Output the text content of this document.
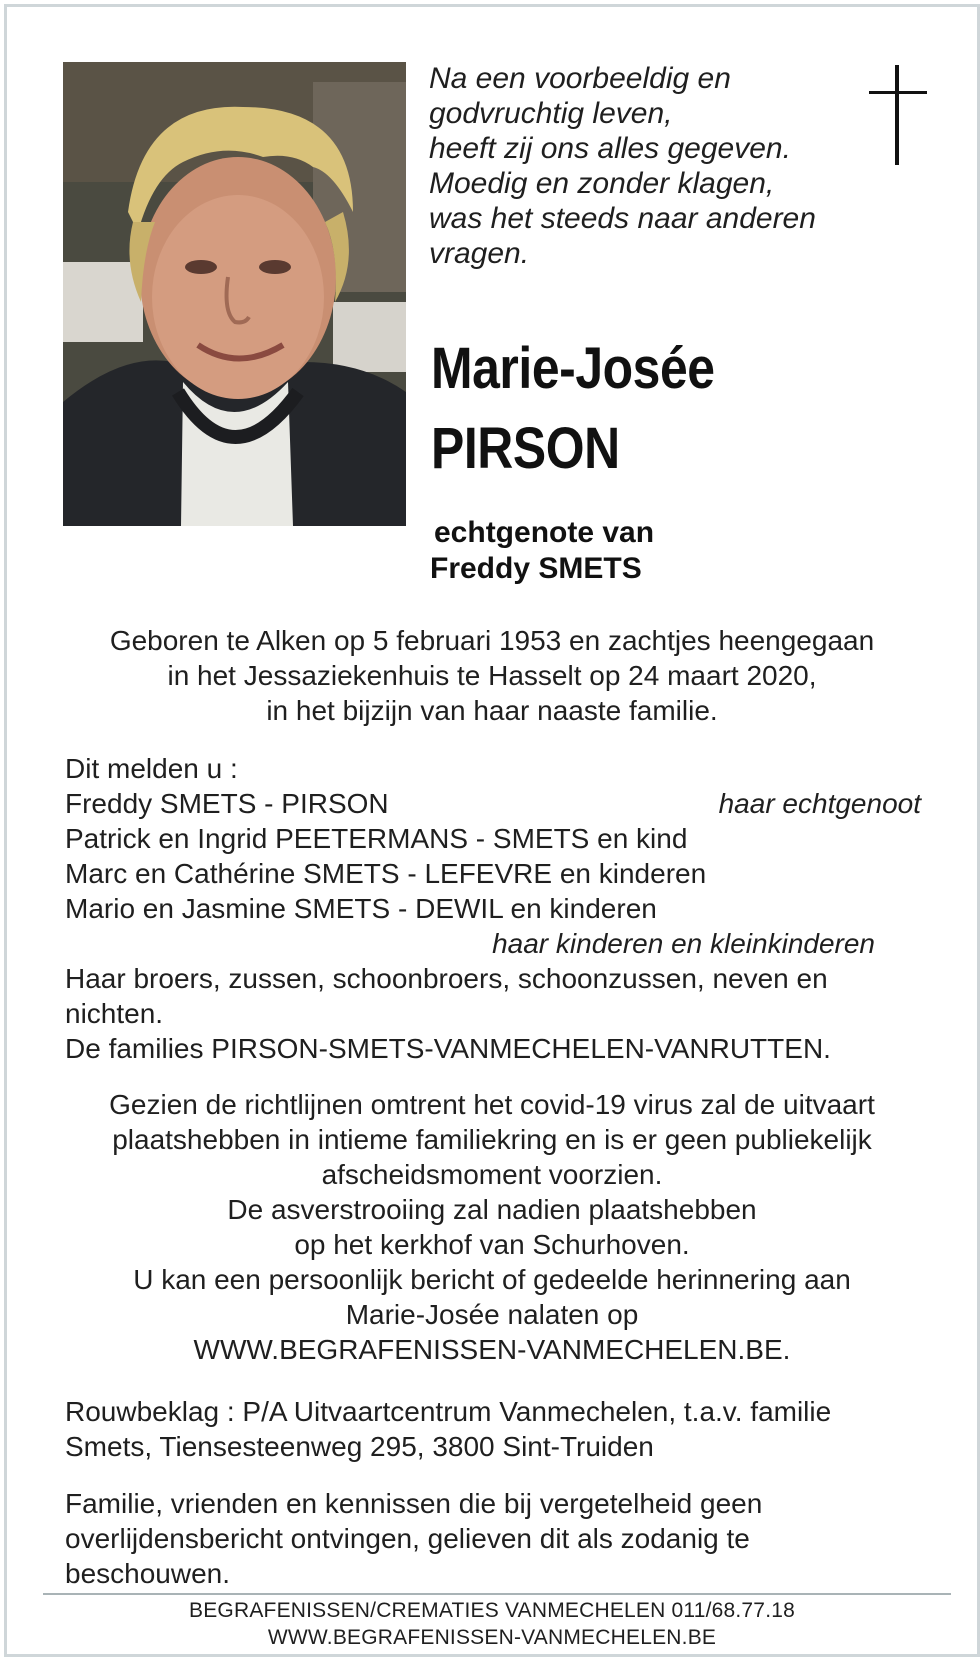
Na een voorbeeldig en
godvruchtig leven,
heeft zij ons alles gegeven.
Moedig en zonder klagen,
was het steeds naar anderen
vragen.
Marie-Josée
PIRSON
echtgenote van
Freddy SMETS
Geboren te Alken op 5 februari 1953 en zachtjes heengegaan
in het Jessaziekenhuis te Hasselt op 24 maart 2020,
in het bijzijn van haar naaste familie.
Dit melden u :
Freddy SMETS - PIRSON	haar echtgenoot
Patrick en Ingrid PEETERMANS - SMETS en kind
Marc en Cathérine SMETS - LEFEVRE en kinderen
Mario en Jasmine SMETS - DEWIL en kinderen
haar kinderen en kleinkinderen
Haar broers, zussen, schoonbroers, schoonzussen, neven en
nichten.
De families PIRSON-SMETS-VANMECHELEN-VANRUTTEN.
Gezien de richtlijnen omtrent het covid-19 virus zal de uitvaart
plaatshebben in intieme familiekring en is er geen publiekelijk
afscheidsmoment voorzien.
De asverstrooiing zal nadien plaatshebben
op het kerkhof van Schurhoven.
U kan een persoonlijk bericht of gedeelde herinnering aan
Marie-Josée nalaten op
WWW.BEGRAFENISSEN-VANMECHELEN.BE.
Rouwbeklag : P/A Uitvaartcentrum Vanmechelen, t.a.v. familie
Smets, Tiensesteenweg 295, 3800 Sint-Truiden
Familie, vrienden en kennissen die bij vergetelheid geen
overlijdensbericht ontvingen, gelieven dit als zodanig te
beschouwen.
BEGRAFENISSEN/CREMATIES VANMECHELEN 011/68.77.18
WWW.BEGRAFENISSEN-VANMECHELEN.BE
